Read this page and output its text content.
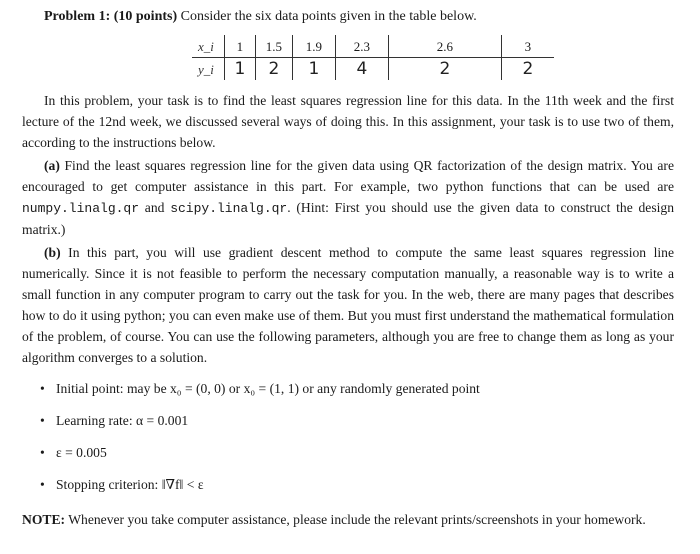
Problem 1: (10 points) Consider the six data points given in the table below.
x_i	1	1.5	1.9	2.3	2.6	3
y_i	1	2	1	4	2	2

In this problem, your task is to find the least squares regression line for this data. In the 11th week and the first lecture of the 12nd week, we discussed several ways of doing this. In this assignment, your task is to use two of them, according to the instructions below.

(a) Find the least squares regression line for the given data using QR factorization of the design matrix. You are encouraged to get computer assistance in this part. For example, two python functions that can be used are numpy.linalg.qr and scipy.linalg.qr. (Hint: First you should use the given data to construct the design matrix.)

(b) In this part, you will use gradient descent method to compute the same least squares regression line numerically. Since it is not feasible to perform the necessary computation manually, a reasonable way is to write a small function in any computer program to carry out the task for you. In the web, there are many pages that describes how to do it using python; you can even make use of them. But you must first understand the mathematical formulation of the problem, of course. You can use the following parameters, although you are free to change them as long as your algorithm converges to a solution.

• Initial point: may be x₀ = (0, 0) or x₀ = (1, 1) or any randomly generated point
• Learning rate: α = 0.001
• ε = 0.005
• Stopping criterion: ‖∇f‖ < ε

NOTE: Whenever you take computer assistance, please include the relevant prints/screenshots in your homework.
